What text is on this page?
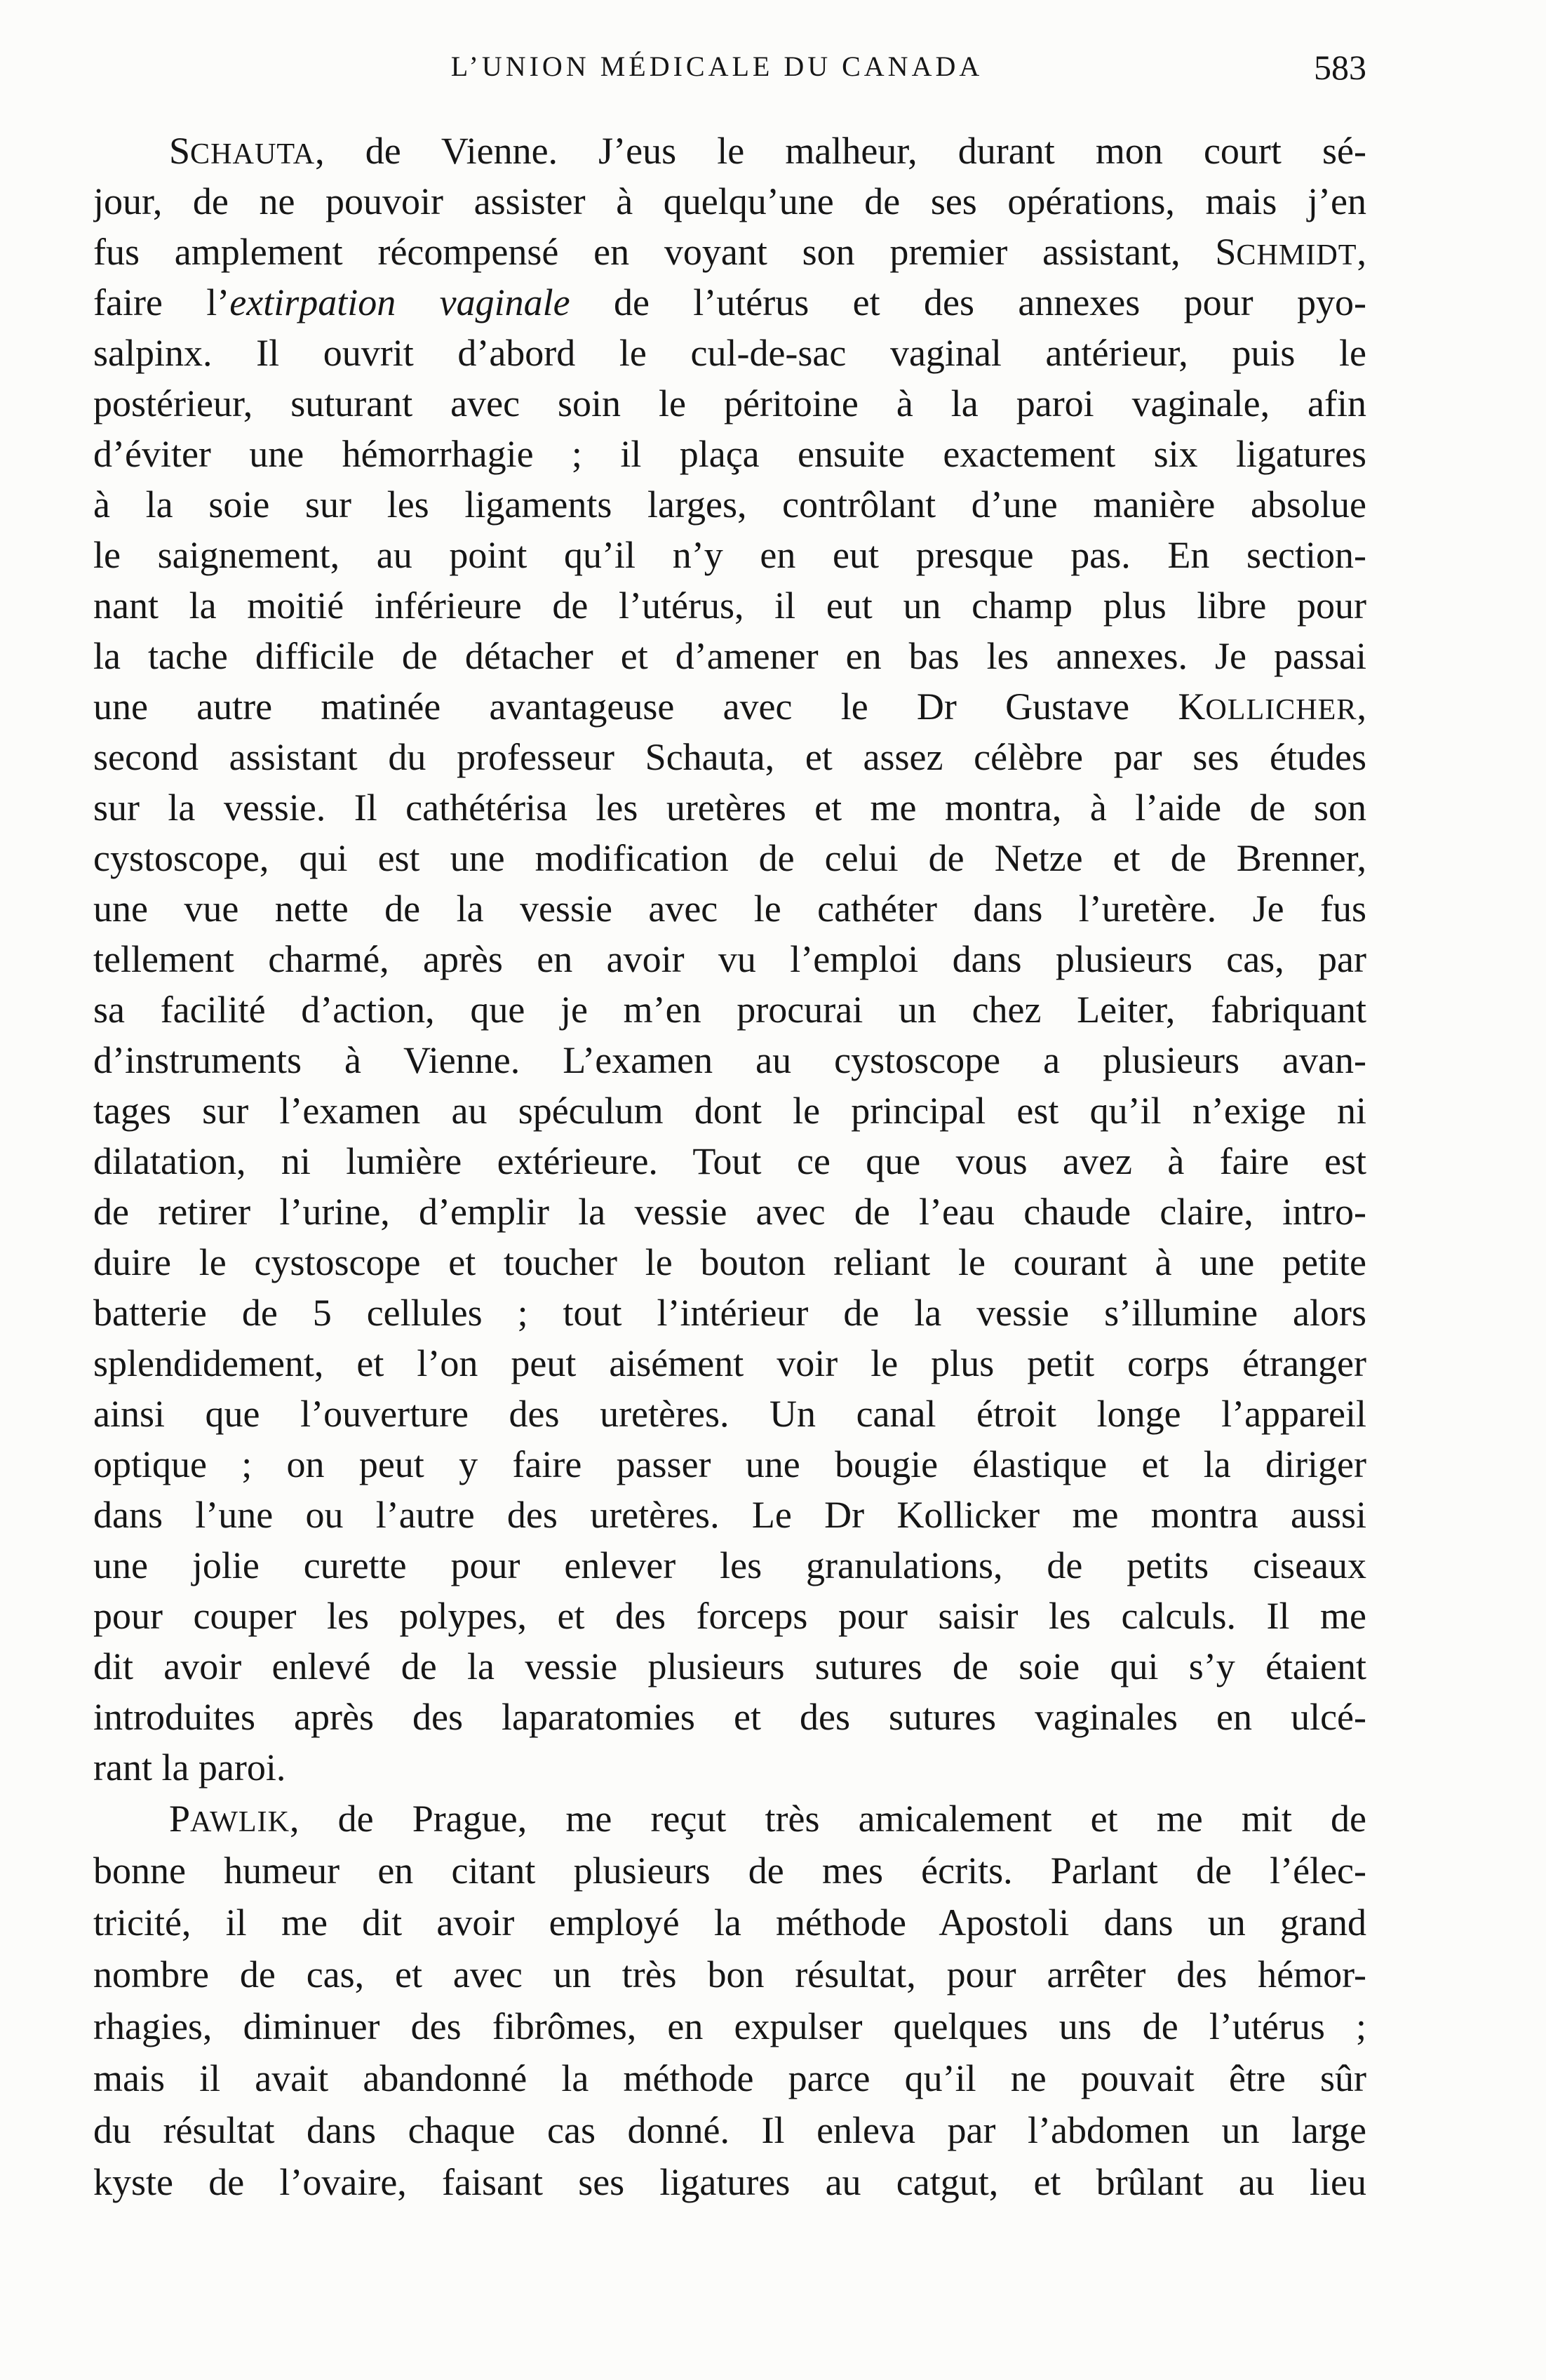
L’UNION MÉDICALE DU CANADA	583
SCHAUTA, de Vienne. J’eus le malheur, durant mon court sé-
jour, de ne pouvoir assister à quelqu’une de ses opérations, mais j’en
fus amplement récompensé en voyant son premier assistant, SCHMIDT,
faire l’extirpation vaginale de l’utérus et des annexes pour pyo-
salpinx. Il ouvrit d’abord le cul-de-sac vaginal antérieur, puis le
postérieur, suturant avec soin le péritoine à la paroi vaginale, afin
d’éviter une hémorrhagie ; il plaça ensuite exactement six ligatures
à la soie sur les ligaments larges, contrôlant d’une manière absolue
le saignement, au point qu’il n’y en eut presque pas. En section-
nant la moitié inférieure de l’utérus, il eut un champ plus libre pour
la tache difficile de détacher et d’amener en bas les annexes. Je passai
une autre matinée avantageuse avec le Dr Gustave KOLLICHER,
second assistant du professeur Schauta, et assez célèbre par ses études
sur la vessie. Il cathétérisa les uretères et me montra, à l’aide de son
cystoscope, qui est une modification de celui de Netze et de Brenner,
une vue nette de la vessie avec le cathéter dans l’uretère. Je fus
tellement charmé, après en avoir vu l’emploi dans plusieurs cas, par
sa facilité d’action, que je m’en procurai un chez Leiter, fabriquant
d’instruments à Vienne. L’examen au cystoscope a plusieurs avan-
tages sur l’examen au spéculum dont le principal est qu’il n’exige ni
dilatation, ni lumière extérieure. Tout ce que vous avez à faire est
de retirer l’urine, d’emplir la vessie avec de l’eau chaude claire, intro-
duire le cystoscope et toucher le bouton reliant le courant à une petite
batterie de 5 cellules ; tout l’intérieur de la vessie s’illumine alors
splendidement, et l’on peut aisément voir le plus petit corps étranger
ainsi que l’ouverture des uretères. Un canal étroit longe l’appareil
optique ; on peut y faire passer une bougie élastique et la diriger
dans l’une ou l’autre des uretères. Le Dr Kollicker me montra aussi
une jolie curette pour enlever les granulations, de petits ciseaux
pour couper les polypes, et des forceps pour saisir les calculs. Il me
dit avoir enlevé de la vessie plusieurs sutures de soie qui s’y étaient
introduites après des laparatomies et des sutures vaginales en ulcé-
rant la paroi.
PAWLIK, de Prague, me reçut très amicalement et me mit de
bonne humeur en citant plusieurs de mes écrits. Parlant de l’élec-
tricité, il me dit avoir employé la méthode Apostoli dans un grand
nombre de cas, et avec un très bon résultat, pour arrêter des hémor-
rhagies, diminuer des fibrômes, en expulser quelques uns de l’utérus ;
mais il avait abandonné la méthode parce qu’il ne pouvait être sûr
du résultat dans chaque cas donné. Il enleva par l’abdomen un large
kyste de l’ovaire, faisant ses ligatures au catgut, et brûlant au lieu
